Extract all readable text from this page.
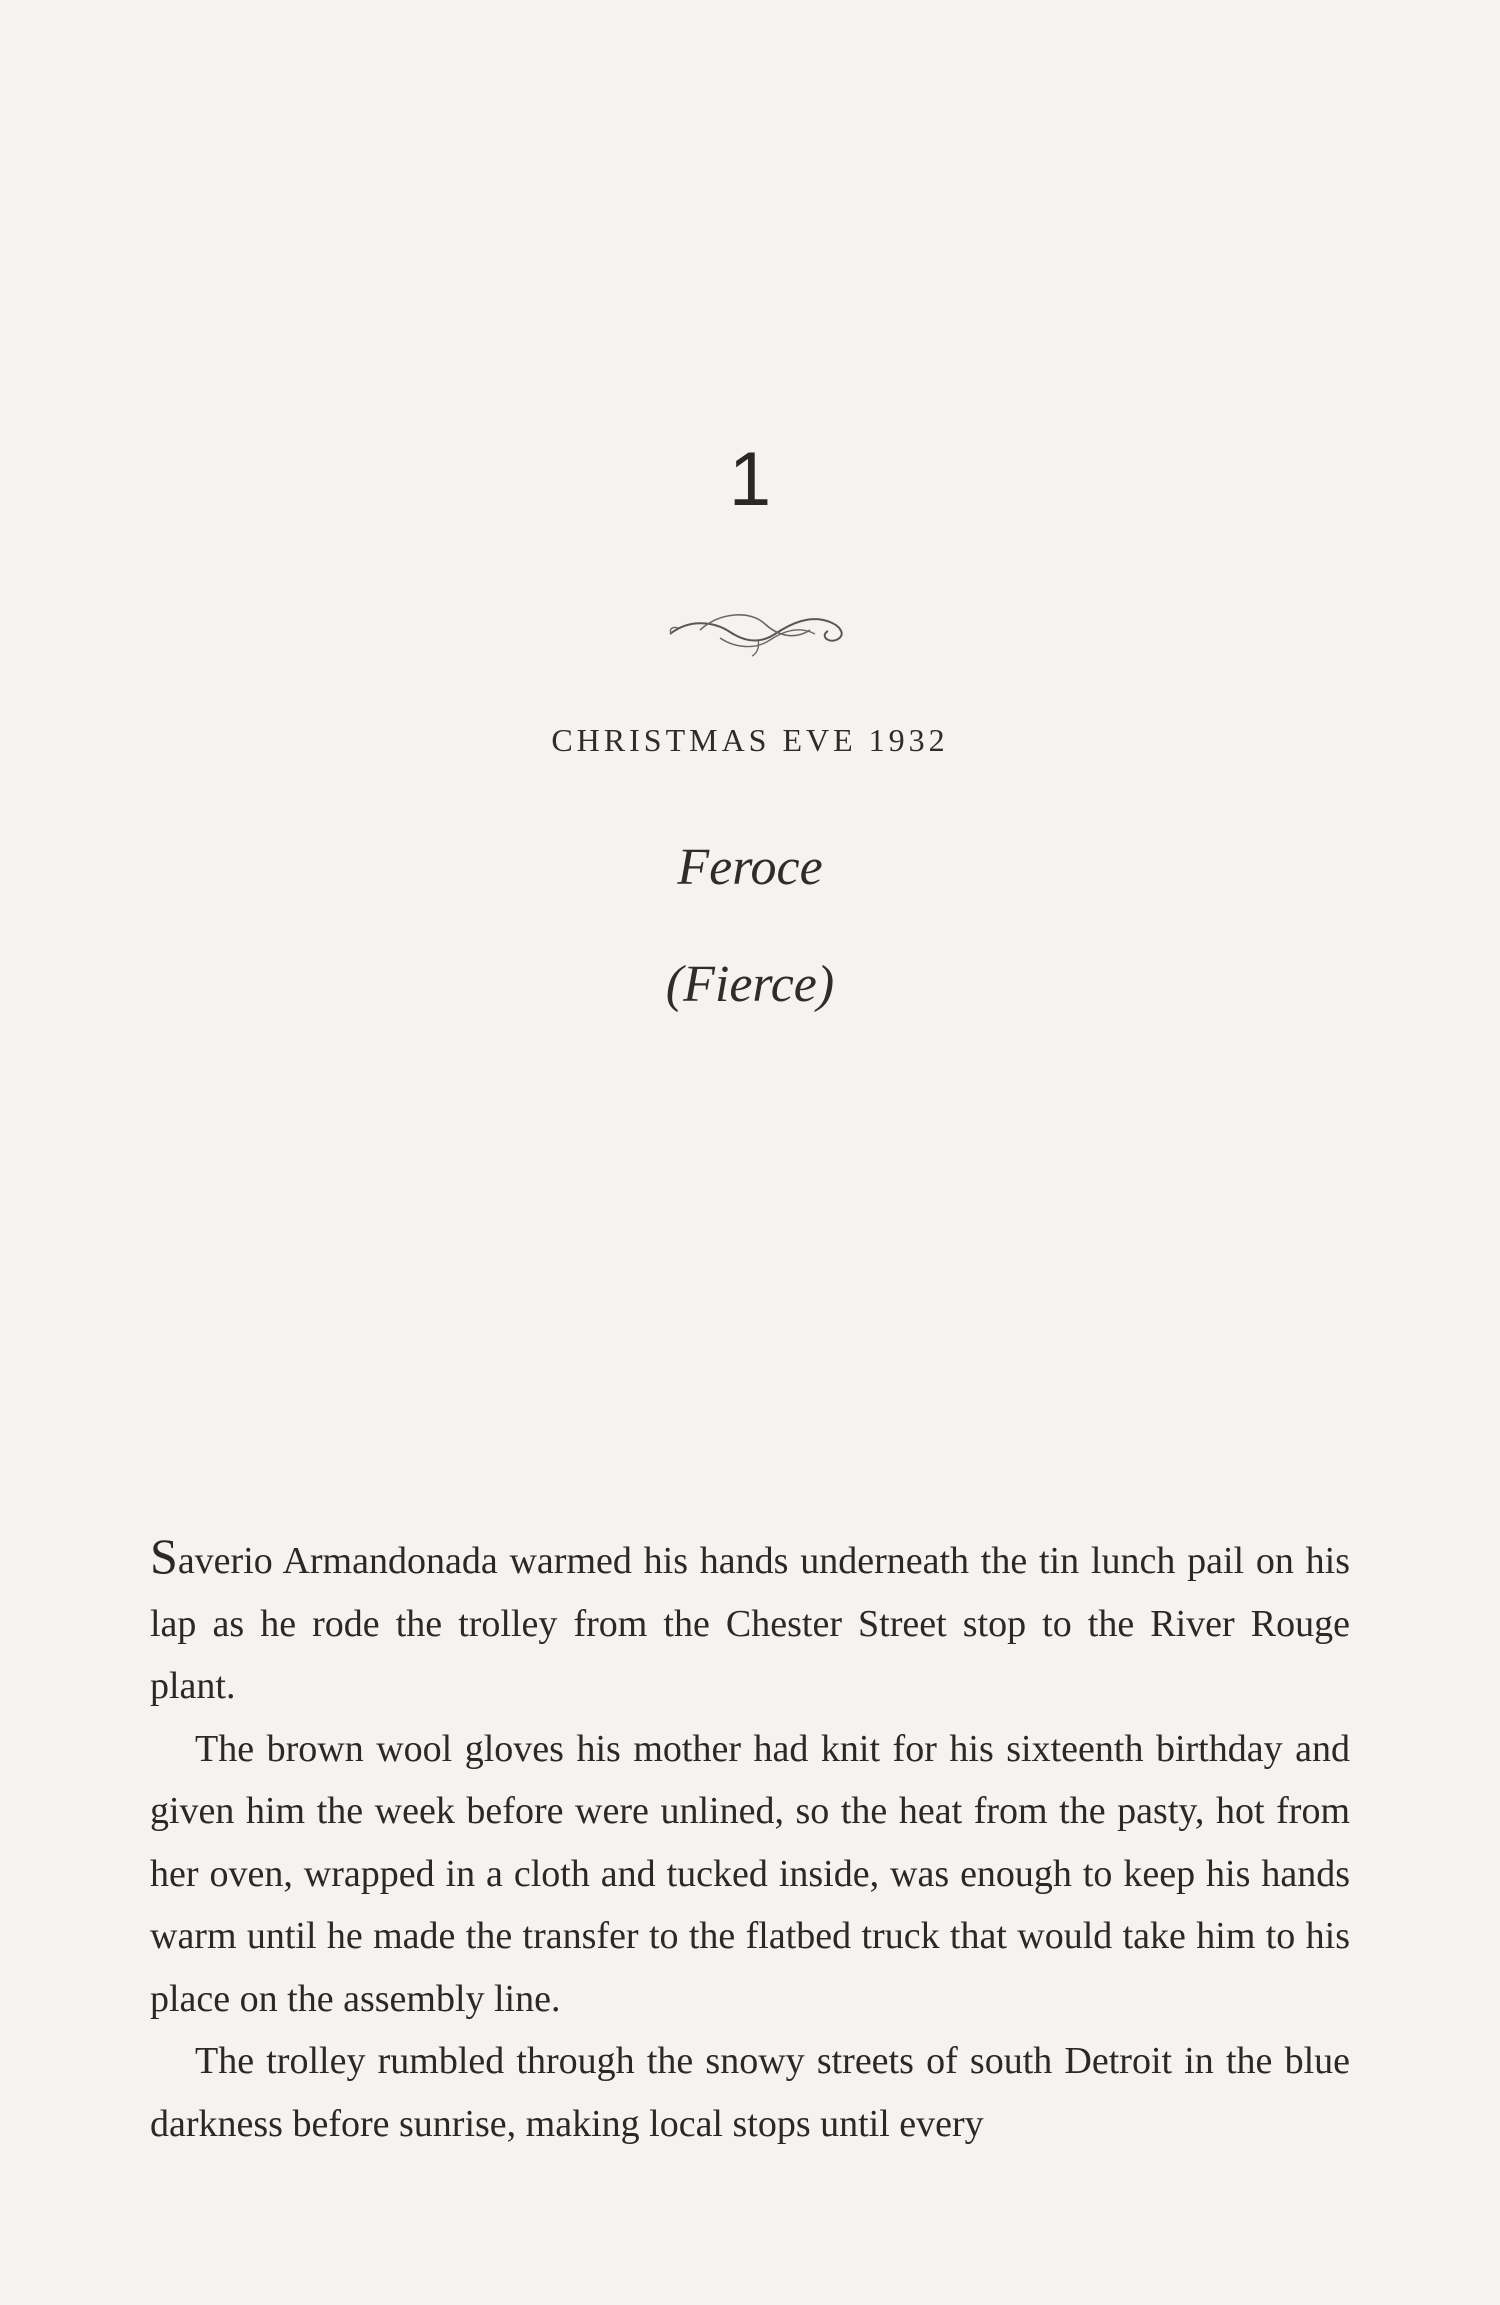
1
CHRISTMAS EVE 1932
Feroce
(Fierce)

Saverio Armandonada warmed his hands underneath the tin lunch pail on his lap as he rode the trolley from the Chester Street stop to the River Rouge plant.

The brown wool gloves his mother had knit for his sixteenth birthday and given him the week before were unlined, so the heat from the pasty, hot from her oven, wrapped in a cloth and tucked inside, was enough to keep his hands warm until he made the transfer to the flatbed truck that would take him to his place on the assembly line.

The trolley rumbled through the snowy streets of south Detroit in the blue darkness before sunrise, making local stops until every
